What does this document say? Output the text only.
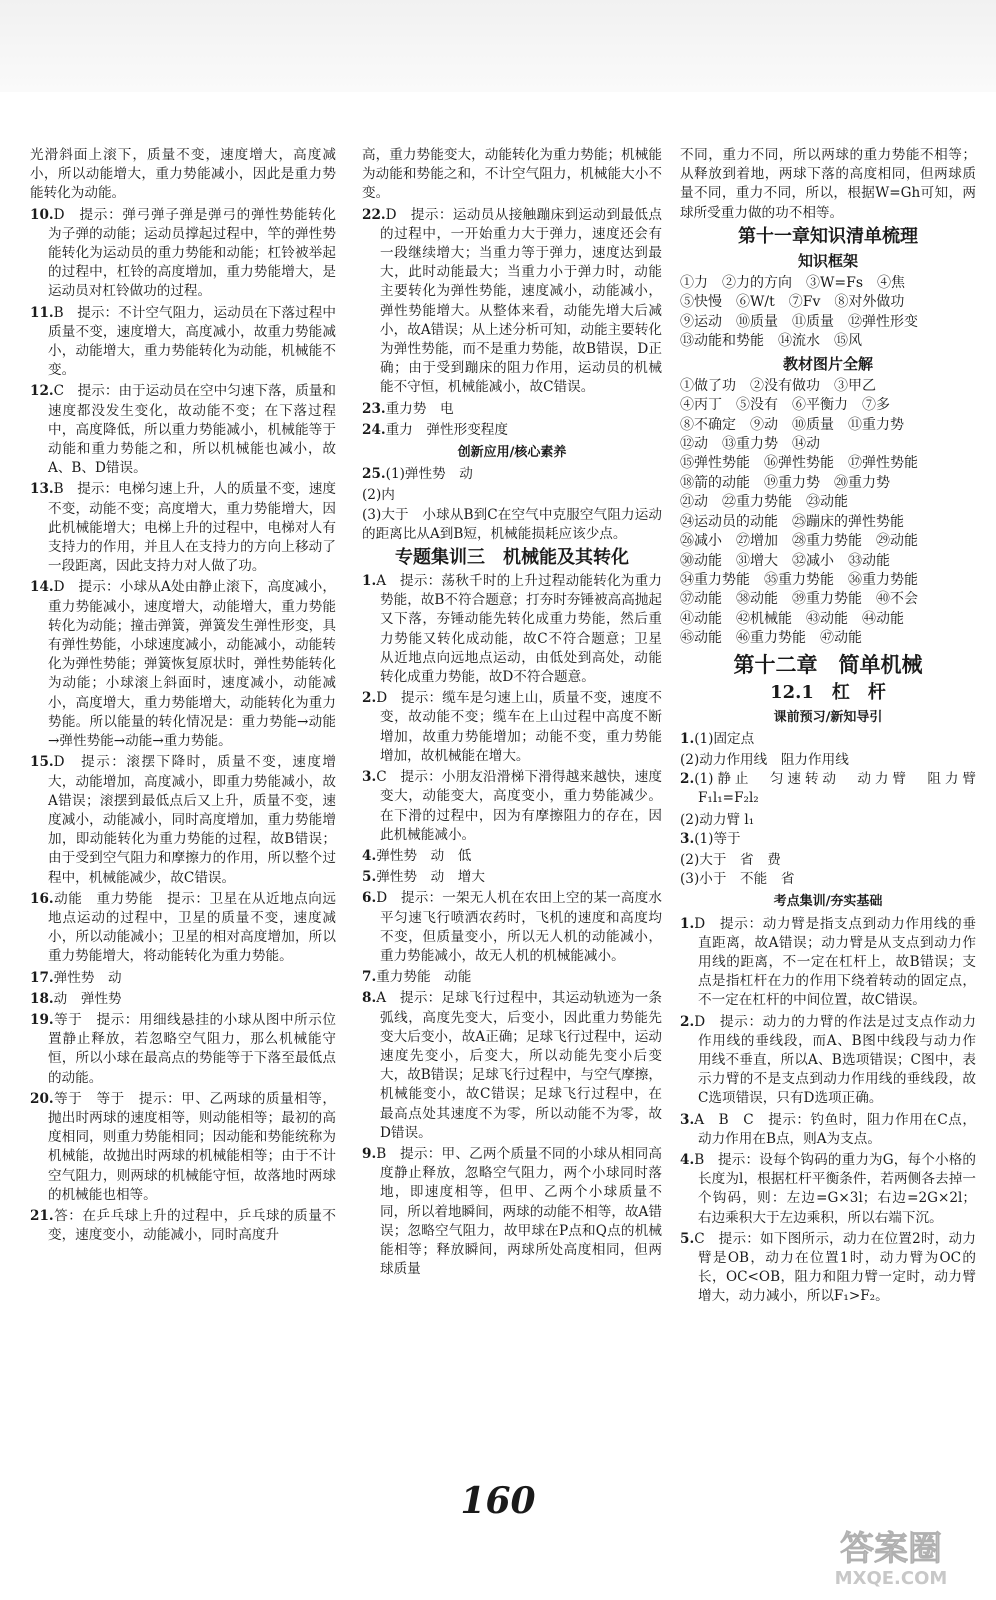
光滑斜面上滚下，质量不变，速度增大，高度减小，所以动能增大，重力势能减小，因此是重力势能转化为动能。
10.D　提示：弹弓弹子弹是弹弓的弹性势能转化为子弹的动能；运动员撑起过程中，竿的弹性势能转化为运动员的重力势能和动能；杠铃被举起的过程中，杠铃的高度增加，重力势能增大，是运动员对杠铃做功的过程。
11.B　提示：不计空气阻力，运动员在下落过程中质量不变，速度增大，高度减小，故重力势能减小，动能增大，重力势能转化为动能，机械能不变。
12.C　提示：由于运动员在空中匀速下落，质量和速度都没发生变化，故动能不变；在下落过程中，高度降低，所以重力势能减小，机械能等于动能和重力势能之和，所以机械能也减小，故A、B、D错误。
13.B　提示：电梯匀速上升，人的质量不变，速度不变，动能不变；高度增大，重力势能增大，因此机械能增大；电梯上升的过程中，电梯对人有支持力的作用，并且人在支持力的方向上移动了一段距离，因此支持力对人做了功。
14.D　提示：小球从A处由静止滚下，高度减小，重力势能减小，速度增大，动能增大，重力势能转化为动能；撞击弹簧，弹簧发生弹性形变，具有弹性势能，小球速度减小，动能减小，动能转化为弹性势能；弹簧恢复原状时，弹性势能转化为动能；小球滚上斜面时，速度减小，动能减小，高度增大，重力势能增大，动能转化为重力势能。所以能量的转化情况是：重力势能→动能→弹性势能→动能→重力势能。
15.D　提示：滚摆下降时，质量不变，速度增大，动能增加，高度减小，即重力势能减小，故A错误；滚摆到最低点后又上升，质量不变，速度减小，动能减小，同时高度增加，重力势能增加，即动能转化为重力势能的过程，故B错误；由于受到空气阻力和摩擦力的作用，所以整个过程中，机械能减少，故C错误。
16.动能　重力势能　提示：卫星在从近地点向远地点运动的过程中，卫星的质量不变，速度减小，所以动能减小；卫星的相对高度增加，所以重力势能增大，将动能转化为重力势能。
17.弹性势　动
18.动　弹性势
19.等于　提示：用细线悬挂的小球从图中所示位置静止释放，若忽略空气阻力，那么机械能守恒，所以小球在最高点的势能等于下落至最低点的动能。
20.等于　等于　提示：甲、乙两球的质量相等，抛出时两球的速度相等，则动能相等；最初的高度相同，则重力势能相同；因动能和势能统称为机械能，故抛出时两球的机械能相等；由于不计空气阻力，则两球的机械能守恒，故落地时两球的机械能也相等。
21.答：在乒乓球上升的过程中，乒乓球的质量不变，速度变小，动能减小，同时高度升
高，重力势能变大，动能转化为重力势能；机械能为动能和势能之和，不计空气阻力，机械能大小不变。
22.D　提示：运动员从接触蹦床到运动到最低点的过程中，一开始重力大于弹力，速度还会有一段继续增大；当重力等于弹力，速度达到最大，此时动能最大；当重力小于弹力时，动能主要转化为弹性势能，速度减小，动能减小，弹性势能增大。从整体来看，动能先增大后减小，故A错误；从上述分析可知，动能主要转化为弹性势能，而不是重力势能，故B错误，D正确；由于受到蹦床的阻力作用，运动员的机械能不守恒，机械能减小，故C错误。
23.重力势　电
24.重力　弹性形变程度
创新应用/核心素养
25.(1)弹性势　动
(2)内
(3)大于　小球从B到C在空气中克服空气阻力运动的距离比从A到B短，机械能损耗应该少点。
专题集训三　机械能及其转化
1.A　提示：荡秋千时的上升过程动能转化为重力势能，故B不符合题意；打夯时夯锤被高高抛起又下落，夯锤动能先转化成重力势能，然后重力势能又转化成动能，故C不符合题意；卫星从近地点向远地点运动，由低处到高处，动能转化成重力势能，故D不符合题意。
2.D　提示：缆车是匀速上山，质量不变，速度不变，故动能不变；缆车在上山过程中高度不断增加，故重力势能增加；动能不变，重力势能增加，故机械能在增大。
3.C　提示：小朋友沿滑梯下滑得越来越快，速度变大，动能变大，高度变小，重力势能减少。在下滑的过程中，因为有摩擦阻力的存在，因此机械能减小。
4.弹性势　动　低
5.弹性势　动　增大
6.D　提示：一架无人机在农田上空的某一高度水平匀速飞行喷洒农药时，飞机的速度和高度均不变，但质量变小，所以无人机的动能减小，重力势能减小，故无人机的机械能减小。
7.重力势能　动能
8.A　提示：足球飞行过程中，其运动轨迹为一条弧线，高度先变大，后变小，因此重力势能先变大后变小，故A正确；足球飞行过程中，运动速度先变小，后变大，所以动能先变小后变大，故B错误；足球飞行过程中，与空气摩擦，机械能变小，故C错误；足球飞行过程中，在最高点处其速度不为零，所以动能不为零，故D错误。
9.B　提示：甲、乙两个质量不同的小球从相同高度静止释放，忽略空气阻力，两个小球同时落地，即速度相等，但甲、乙两个小球质量不同，所以着地瞬间，两球的动能不相等，故A错误；忽略空气阻力，故甲球在P点和Q点的机械能相等；释放瞬间，两球所处高度相同，但两球质量
不同，重力不同，所以两球的重力势能不相等；从释放到着地，两球下落的高度相同，但两球质量不同，重力不同，所以，根据W=Gh可知，两球所受重力做的功不相等。
第十一章知识清单梳理
知识框架
①力　②力的方向　③W=Fs　④焦
⑤快慢　⑥W/t　⑦Fv　⑧对外做功
⑨运动　⑩质量　⑪质量　⑫弹性形变
⑬动能和势能　⑭流水　⑮风
教材图片全解
①做了功　②没有做功　③甲乙
④丙丁　⑤没有　⑥平衡力　⑦多
⑧不确定　⑨动　⑩质量　⑪重力势
⑫动　⑬重力势　⑭动
⑮弹性势能　⑯弹性势能　⑰弹性势能
⑱箭的动能　⑲重力势　⑳重力势
㉑动　㉒重力势能　㉓动能
㉔运动员的动能　㉕蹦床的弹性势能
㉖减小　㉗增加　㉘重力势能　㉙动能
㉚动能　㉛增大　㉜减小　㉝动能
㉞重力势能　㉟重力势能　㊱重力势能
㊲动能　㊳动能　㊴重力势能　㊵不会
㊶动能　㊷机械能　㊸动能　㊹动能
㊺动能　㊻重力势能　㊼动能
第十二章　简单机械
12.1　杠　杆
课前预习/新知导引
1.(1)固定点
(2)动力作用线　阻力作用线
2.(1)静止　匀速转动　动力臂　阻力臂　F₁l₁=F₂l₂
(2)动力臂 l₁
3.(1)等于
(2)大于　省　费
(3)小于　不能　省
考点集训/夯实基础
1.D　提示：动力臂是指支点到动力作用线的垂直距离，故A错误；动力臂是从支点到动力作用线的距离，不一定在杠杆上，故B错误；支点是指杠杆在力的作用下绕着转动的固定点，不一定在杠杆的中间位置，故C错误。
2.D　提示：动力的力臂的作法是过支点作动力作用线的垂线段，而A、B图中线段与动力作用线不垂直，所以A、B选项错误；C图中，表示力臂的不是支点到动力作用线的垂线段，故C选项错误，只有D选项正确。
3.A　B　C　提示：钓鱼时，阻力作用在C点，动力作用在B点，则A为支点。
4.B　提示：设每个钩码的重力为G，每个小格的长度为l，根据杠杆平衡条件，若两侧各去掉一个钩码，则：左边=G×3l；右边=2G×2l；右边乘积大于左边乘积，所以右端下沉。
5.C　提示：如下图所示，动力在位置2时，动力臂是OB，动力在位置1时，动力臂为OC的长，OC<OB，阻力和阻力臂一定时，动力臂增大，动力减小，所以F₁>F₂。
160
答案圈
MXQE.COM
